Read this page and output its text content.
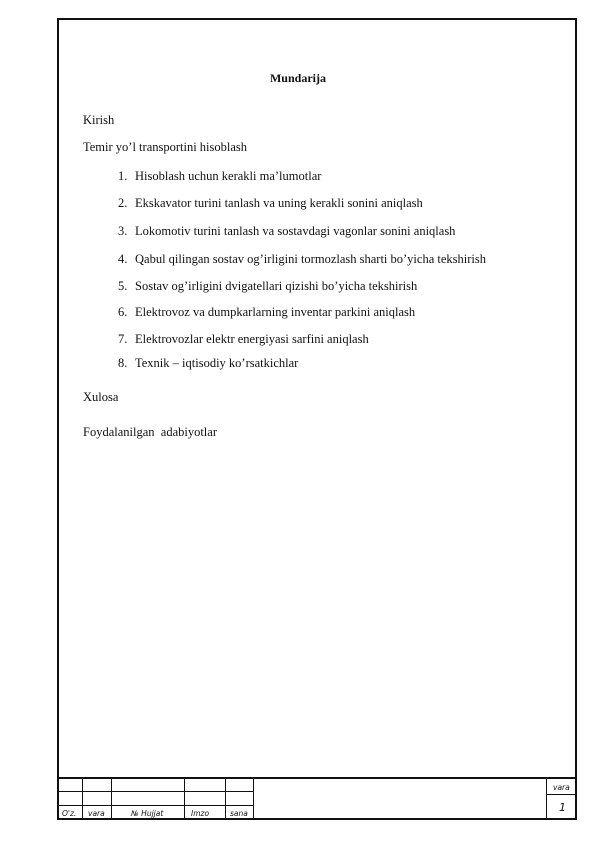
Mundarija
Kirish
Temir yo’l transportini hisoblash
1. Hisoblash uchun kerakli ma’lumotlar
2. Ekskavator turini tanlash va uning kerakli sonini aniqlash
3. Lokomotiv turini tanlash va sostavdagi vagonlar sonini aniqlash
4. Qabul qilingan sostav og’irligini tormozlash sharti bo’yicha tekshirish
5. Sostav og’irligini dvigatellari qizishi bo’yicha tekshirish
6. Elektrovoz va dumpkarlarning inventar parkini aniqlash
7. Elektrovozlar elektr energiyasi sarfini aniqlash
8. Texnik – iqtisodiy ko’rsatkichlar
Xulosa
Foydalanilgan  adabiyotlar
O'z. vara	№ Hujjat	Imzo	sana
vara
1
